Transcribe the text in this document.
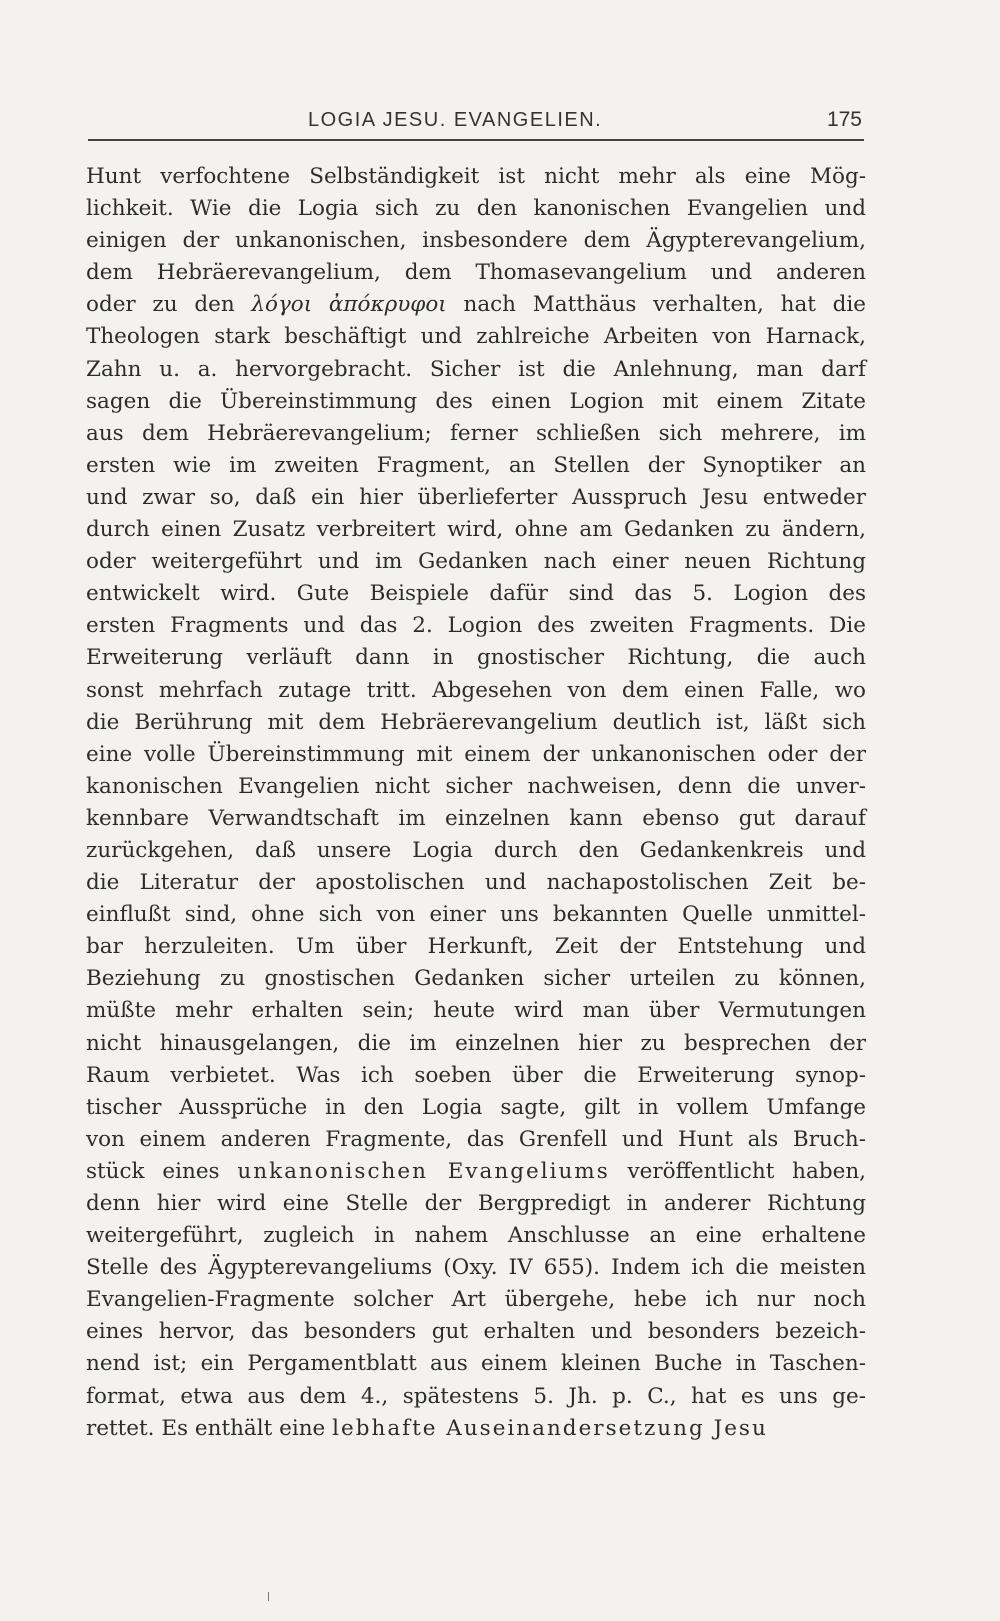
LOGIA JESU. EVANGELIEN.	175
Hunt verfochtene Selbständigkeit ist nicht mehr als eine Mög-
lichkeit. Wie die Logia sich zu den kanonischen Evangelien und
einigen der unkanonischen, insbesondere dem Ägypterevangelium,
dem Hebräerevangelium, dem Thomasevangelium und anderen
oder zu den λόγοι ἀπόκρυφοι nach Matthäus verhalten, hat die
Theologen stark beschäftigt und zahlreiche Arbeiten von Harnack,
Zahn u. a. hervorgebracht. Sicher ist die Anlehnung, man darf
sagen die Übereinstimmung des einen Logion mit einem Zitate
aus dem Hebräerevangelium; ferner schließen sich mehrere, im
ersten wie im zweiten Fragment, an Stellen der Synoptiker an
und zwar so, daß ein hier überlieferter Ausspruch Jesu entweder
durch einen Zusatz verbreitert wird, ohne am Gedanken zu ändern,
oder weitergeführt und im Gedanken nach einer neuen Richtung
entwickelt wird. Gute Beispiele dafür sind das 5. Logion des
ersten Fragments und das 2. Logion des zweiten Fragments. Die
Erweiterung verläuft dann in gnostischer Richtung, die auch
sonst mehrfach zutage tritt. Abgesehen von dem einen Falle, wo
die Berührung mit dem Hebräerevangelium deutlich ist, läßt sich
eine volle Übereinstimmung mit einem der unkanonischen oder der
kanonischen Evangelien nicht sicher nachweisen, denn die unver-
kennbare Verwandtschaft im einzelnen kann ebenso gut darauf
zurückgehen, daß unsere Logia durch den Gedankenkreis und
die Literatur der apostolischen und nachapostolischen Zeit be-
einflußt sind, ohne sich von einer uns bekannten Quelle unmittel-
bar herzuleiten. Um über Herkunft, Zeit der Entstehung und
Beziehung zu gnostischen Gedanken sicher urteilen zu können,
müßte mehr erhalten sein; heute wird man über Vermutungen
nicht hinausgelangen, die im einzelnen hier zu besprechen der
Raum verbietet. Was ich soeben über die Erweiterung synop-
tischer Aussprüche in den Logia sagte, gilt in vollem Umfange
von einem anderen Fragmente, das Grenfell und Hunt als Bruch-
stück eines unkanonischen Evangeliums veröffentlicht haben,
denn hier wird eine Stelle der Bergpredigt in anderer Richtung
weitergeführt, zugleich in nahem Anschlusse an eine erhaltene
Stelle des Ägypterevangeliums (Oxy. IV 655). Indem ich die meisten
Evangelien-Fragmente solcher Art übergehe, hebe ich nur noch
eines hervor, das besonders gut erhalten und besonders bezeich-
nend ist; ein Pergamentblatt aus einem kleinen Buche in Taschen-
format, etwa aus dem 4., spätestens 5. Jh. p. C., hat es uns ge-
rettet. Es enthält eine lebhafte Auseinandersetzung Jesu
